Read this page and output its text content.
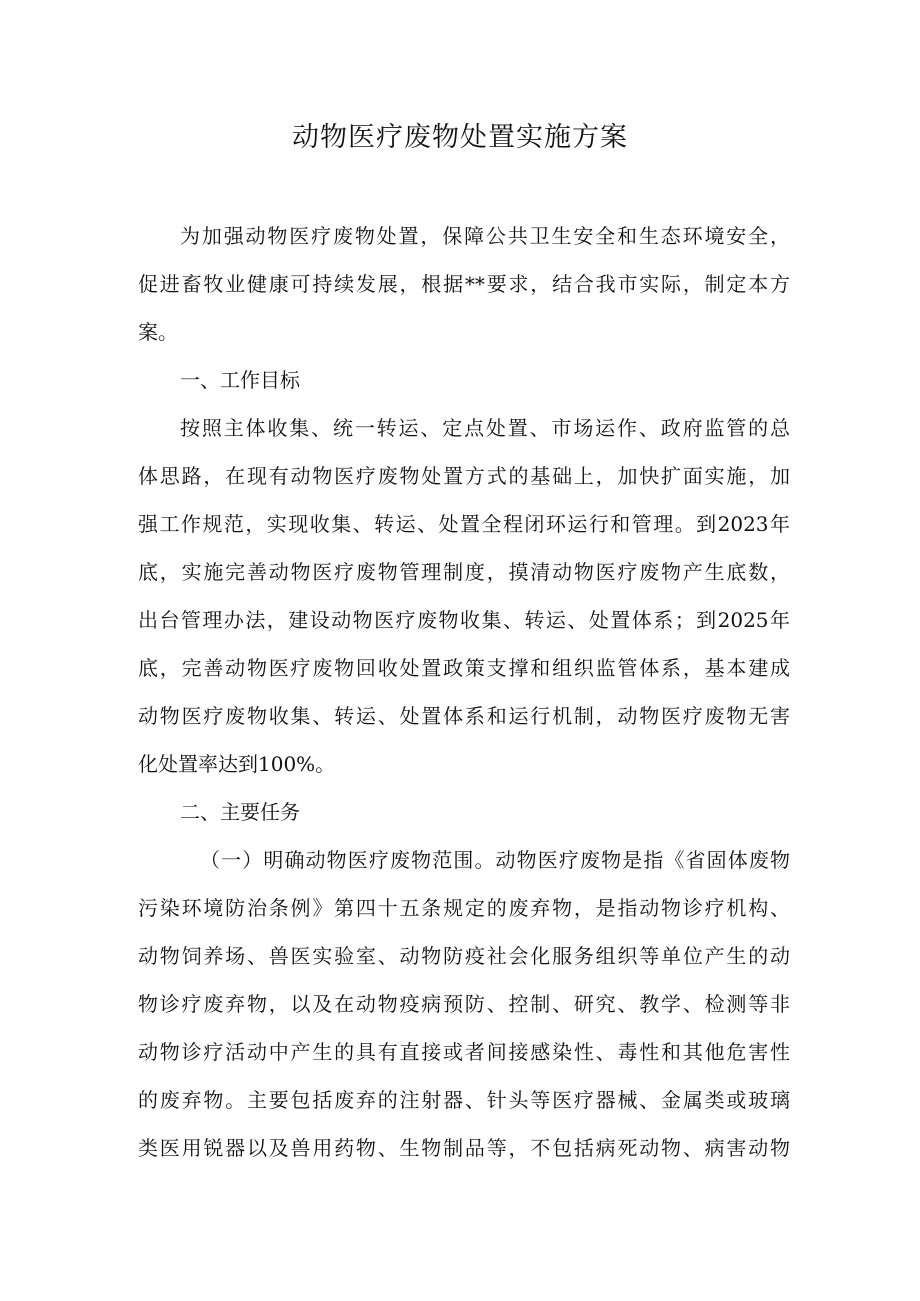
动物医疗废物处置实施方案

为加强动物医疗废物处置，保障公共卫生安全和生态环境安全，

促进畜牧业健康可持续发展，根据**要求，结合我市实际，制定本方

案。

一、工作目标

按照主体收集、统一转运、定点处置、市场运作、政府监管的总

体思路，在现有动物医疗废物处置方式的基础上，加快扩面实施，加

强工作规范，实现收集、转运、处置全程闭环运行和管理。到2023年

底，实施完善动物医疗废物管理制度，摸清动物医疗废物产生底数，

出台管理办法，建设动物医疗废物收集、转运、处置体系；到2025年

底，完善动物医疗废物回收处置政策支撑和组织监管体系，基本建成

动物医疗废物收集、转运、处置体系和运行机制，动物医疗废物无害

化处置率达到100%。

二、主要任务

（一）明确动物医疗废物范围。动物医疗废物是指《省固体废物

污染环境防治条例》第四十五条规定的废弃物，是指动物诊疗机构、

动物饲养场、兽医实验室、动物防疫社会化服务组织等单位产生的动

物诊疗废弃物，以及在动物疫病预防、控制、研究、教学、检测等非

动物诊疗活动中产生的具有直接或者间接感染性、毒性和其他危害性

的废弃物。主要包括废弃的注射器、针头等医疗器械、金属类或玻璃

类医用锐器以及兽用药物、生物制品等，不包括病死动物、病害动物
